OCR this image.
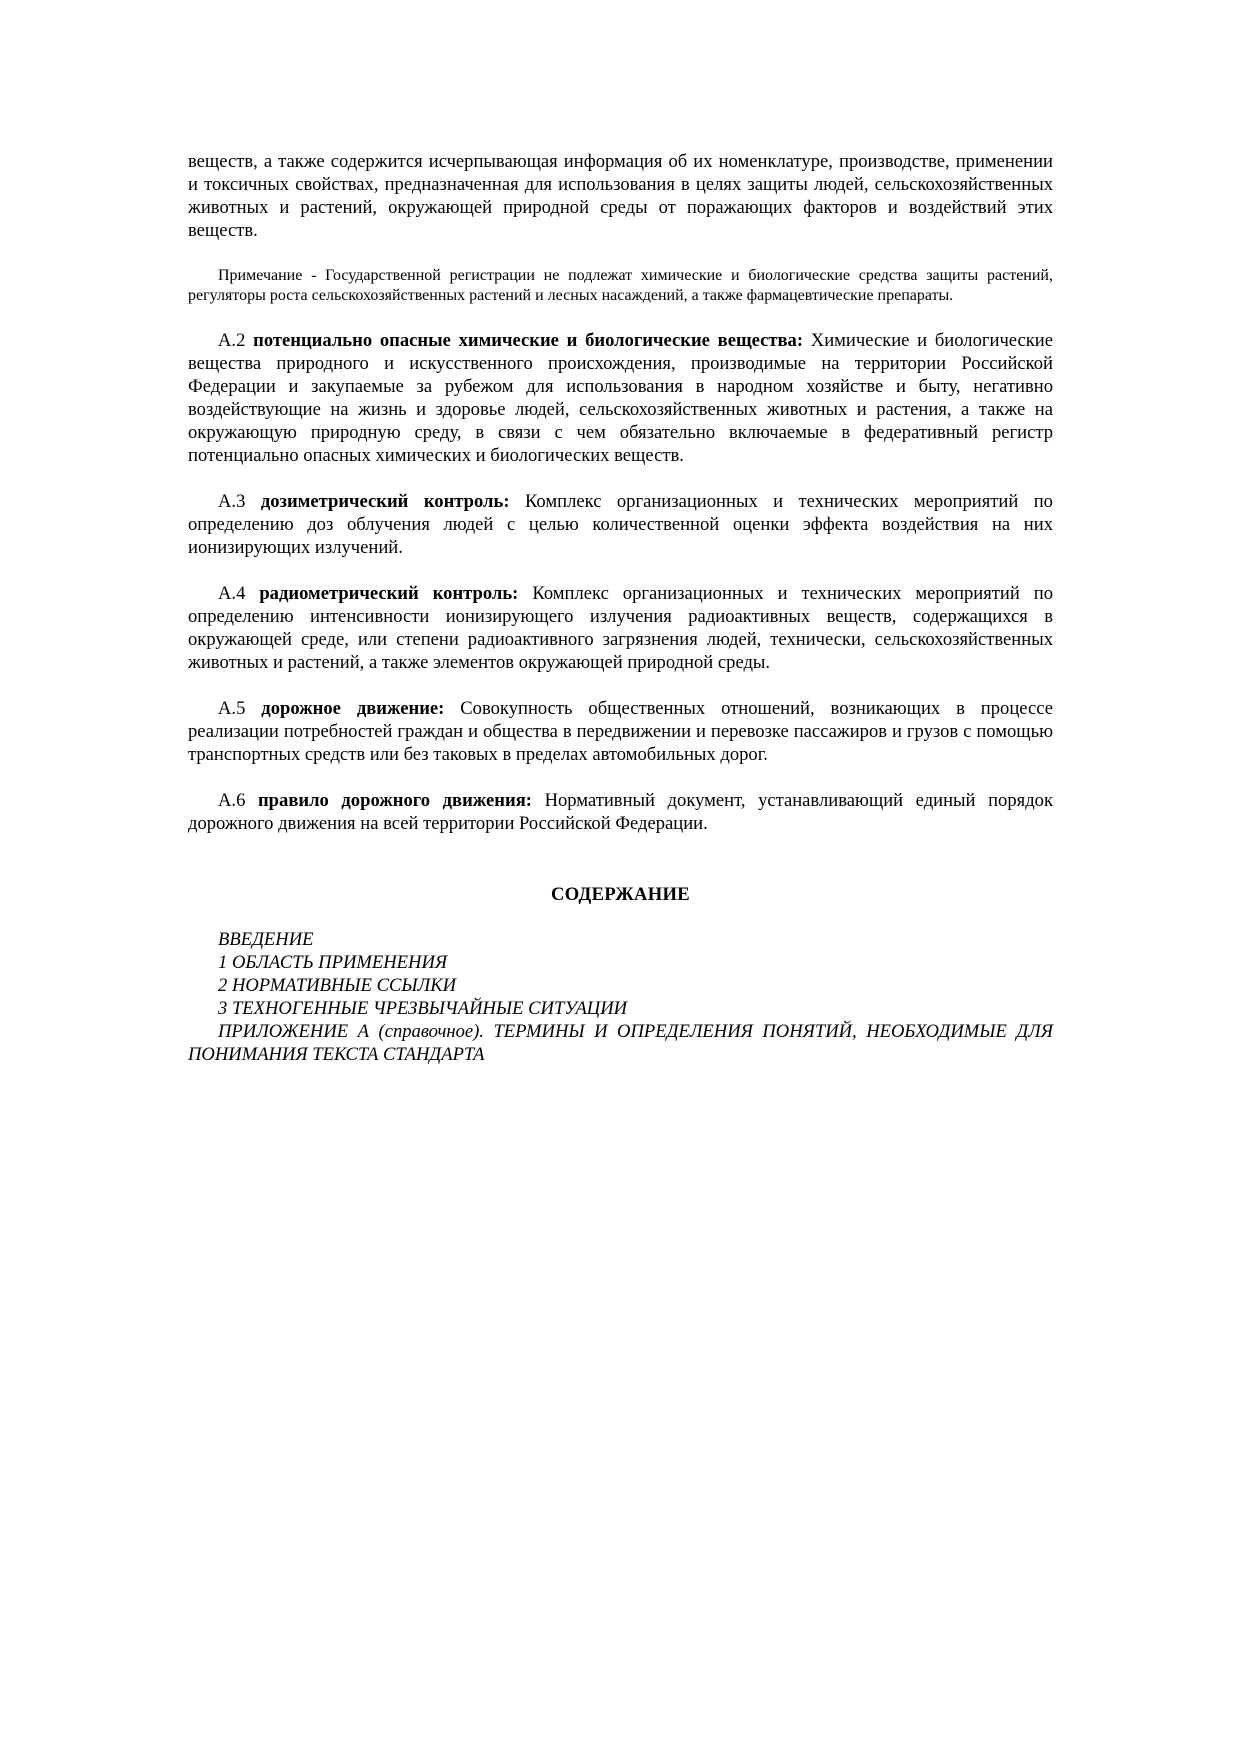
веществ, а также содержится исчерпывающая информация об их номенклатуре, производстве, применении и токсичных свойствах, предназначенная для использования в целях защиты людей, сельскохозяйственных животных и растений, окружающей природной среды от поражающих факторов и воздействий этих веществ.

Примечание - Государственной регистрации не подлежат химические и биологические средства защиты растений, регуляторы роста сельскохозяйственных растений и лесных насаждений, а также фармацевтические препараты.

А.2 потенциально опасные химические и биологические вещества: Химические и биологические вещества природного и искусственного происхождения, производимые на территории Российской Федерации и закупаемые за рубежом для использования в народном хозяйстве и быту, негативно воздействующие на жизнь и здоровье людей, сельскохозяйственных животных и растения, а также на окружающую природную среду, в связи с чем обязательно включаемые в федеративный регистр потенциально опасных химических и биологических веществ.

А.3 дозиметрический контроль: Комплекс организационных и технических мероприятий по определению доз облучения людей с целью количественной оценки эффекта воздействия на них ионизирующих излучений.

А.4 радиометрический контроль: Комплекс организационных и технических мероприятий по определению интенсивности ионизирующего излучения радиоактивных веществ, содержащихся в окружающей среде, или степени радиоактивного загрязнения людей, технически, сельскохозяйственных животных и растений, а также элементов окружающей природной среды.

А.5 дорожное движение: Совокупность общественных отношений, возникающих в процессе реализации потребностей граждан и общества в передвижении и перевозке пассажиров и грузов с помощью транспортных средств или без таковых в пределах автомобильных дорог.

А.6 правило дорожного движения: Нормативный документ, устанавливающий единый порядок дорожного движения на всей территории Российской Федерации.

СОДЕРЖАНИЕ

ВВЕДЕНИЕ

1 ОБЛАСТЬ ПРИМЕНЕНИЯ

2 НОРМАТИВНЫЕ ССЫЛКИ

3 ТЕХНОГЕННЫЕ ЧРЕЗВЫЧАЙНЫЕ СИТУАЦИИ

ПРИЛОЖЕНИЕ А (справочное). ТЕРМИНЫ И ОПРЕДЕЛЕНИЯ ПОНЯТИЙ, НЕОБХОДИМЫЕ ДЛЯ ПОНИМАНИЯ ТЕКСТА СТАНДАРТА
